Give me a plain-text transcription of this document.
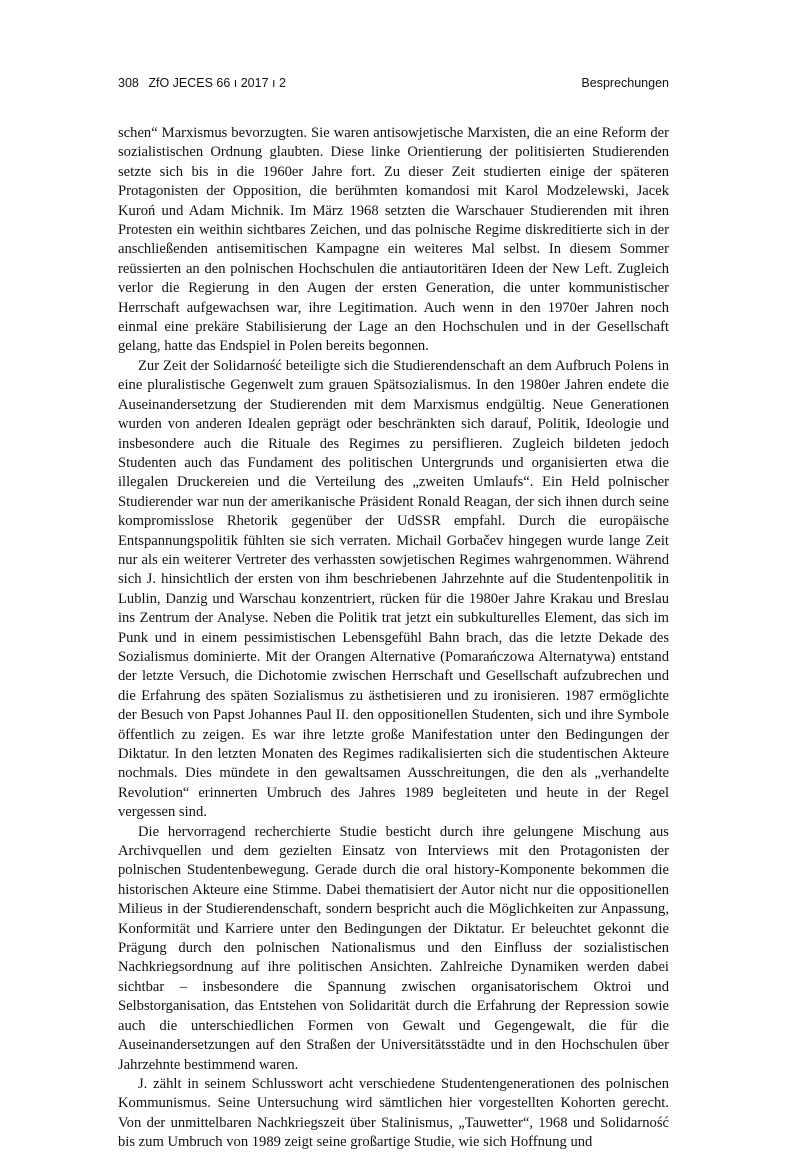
308 ZfO JECES 66 ı 2017 ı 2	Besprechungen

schen“ Marxismus bevorzugten. Sie waren antisowjetische Marxisten, die an eine Reform der sozialistischen Ordnung glaubten. Diese linke Orientierung der politisierten Studierenden setzte sich bis in die 1960er Jahre fort. Zu dieser Zeit studierten einige der späteren Protagonisten der Opposition, die berühmten komandosi mit Karol Modzelewski, Jacek Kuroń und Adam Michnik. Im März 1968 setzten die Warschauer Studierenden mit ihren Protesten ein weithin sichtbares Zeichen, und das polnische Regime diskreditierte sich in der anschließenden antisemitischen Kampagne ein weiteres Mal selbst. In diesem Sommer reüssierten an den polnischen Hochschulen die antiautoritären Ideen der New Left. Zugleich verlor die Regierung in den Augen der ersten Generation, die unter kommunistischer Herrschaft aufgewachsen war, ihre Legitimation. Auch wenn in den 1970er Jahren noch einmal eine prekäre Stabilisierung der Lage an den Hochschulen und in der Gesellschaft gelang, hatte das Endspiel in Polen bereits begonnen.

Zur Zeit der Solidarność beteiligte sich die Studierendenschaft an dem Aufbruch Polens in eine pluralistische Gegenwelt zum grauen Spätsozialismus. In den 1980er Jahren endete die Auseinandersetzung der Studierenden mit dem Marxismus endgültig. Neue Generationen wurden von anderen Idealen geprägt oder beschränkten sich darauf, Politik, Ideologie und insbesondere auch die Rituale des Regimes zu persiflieren. Zugleich bildeten jedoch Studenten auch das Fundament des politischen Untergrunds und organisierten etwa die illegalen Druckereien und die Verteilung des „zweiten Umlaufs“. Ein Held polnischer Studierender war nun der amerikanische Präsident Ronald Reagan, der sich ihnen durch seine kompromisslose Rhetorik gegenüber der UdSSR empfahl. Durch die europäische Entspannungspolitik fühlten sie sich verraten. Michail Gorbačev hingegen wurde lange Zeit nur als ein weiterer Vertreter des verhassten sowjetischen Regimes wahrgenommen. Während sich J. hinsichtlich der ersten von ihm beschriebenen Jahrzehnte auf die Studentenpolitik in Lublin, Danzig und Warschau konzentriert, rücken für die 1980er Jahre Krakau und Breslau ins Zentrum der Analyse. Neben die Politik trat jetzt ein subkulturelles Element, das sich im Punk und in einem pessimistischen Lebensgefühl Bahn brach, das die letzte Dekade des Sozialismus dominierte. Mit der Orangen Alternative (Pomarańczowa Alternatywa) entstand der letzte Versuch, die Dichotomie zwischen Herrschaft und Gesellschaft aufzubrechen und die Erfahrung des späten Sozialismus zu ästhetisieren und zu ironisieren. 1987 ermöglichte der Besuch von Papst Johannes Paul II. den oppositionellen Studenten, sich und ihre Symbole öffentlich zu zeigen. Es war ihre letzte große Manifestation unter den Bedingungen der Diktatur. In den letzten Monaten des Regimes radikalisierten sich die studentischen Akteure nochmals. Dies mündete in den gewaltsamen Ausschreitungen, die den als „verhandelte Revolution“ erinnerten Umbruch des Jahres 1989 begleiteten und heute in der Regel vergessen sind.

Die hervorragend recherchierte Studie besticht durch ihre gelungene Mischung aus Archivquellen und dem gezielten Einsatz von Interviews mit den Protagonisten der polnischen Studentenbewegung. Gerade durch die oral history-Komponente bekommen die historischen Akteure eine Stimme. Dabei thematisiert der Autor nicht nur die oppositionellen Milieus in der Studierendenschaft, sondern bespricht auch die Möglichkeiten zur Anpassung, Konformität und Karriere unter den Bedingungen der Diktatur. Er beleuchtet gekonnt die Prägung durch den polnischen Nationalismus und den Einfluss der sozialistischen Nachkriegsordnung auf ihre politischen Ansichten. Zahlreiche Dynamiken werden dabei sichtbar – insbesondere die Spannung zwischen organisatorischem Oktroi und Selbstorganisation, das Entstehen von Solidarität durch die Erfahrung der Repression sowie auch die unterschiedlichen Formen von Gewalt und Gegengewalt, die für die Auseinandersetzungen auf den Straßen der Universitätsstädte und in den Hochschulen über Jahrzehnte bestimmend waren.

J. zählt in seinem Schlusswort acht verschiedene Studentengenerationen des polnischen Kommunismus. Seine Untersuchung wird sämtlichen hier vorgestellten Kohorten gerecht. Von der unmittelbaren Nachkriegszeit über Stalinismus, „Tauwetter“, 1968 und Solidarność bis zum Umbruch von 1989 zeigt seine großartige Studie, wie sich Hoffnung und
